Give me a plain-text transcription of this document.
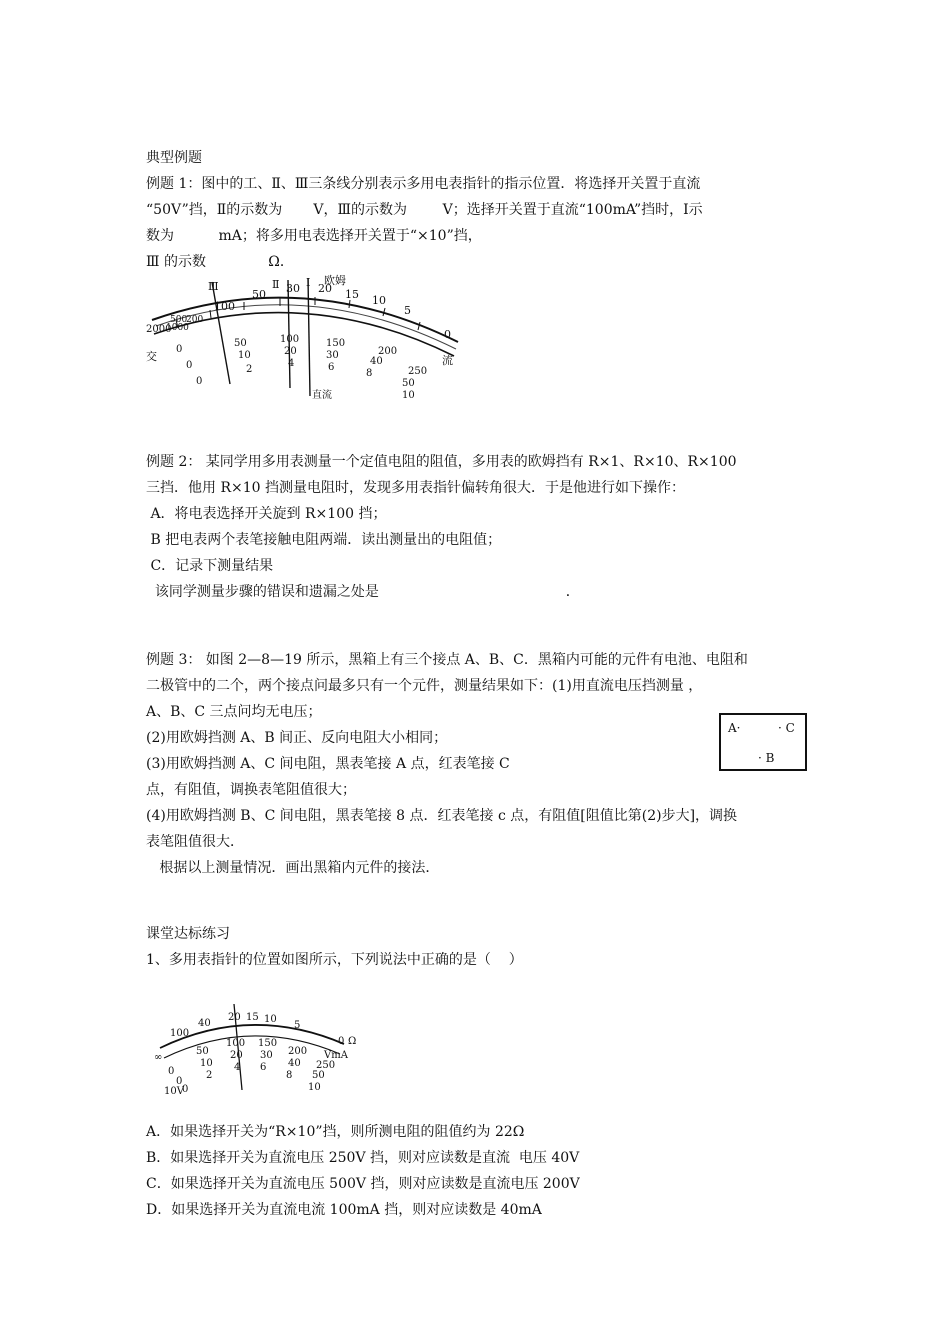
典型例题
例题 1：图中的工、Ⅱ、Ⅲ三条线分别表示多用电表指针的指示位置．将选择开关置于直流
“50V”挡，Ⅱ的示数为       V，Ⅲ的示数为        V；选择开关置于直流“100mA”挡时，Ⅰ示
数为          mA；将多用电表选择开关置于“×10”挡，
Ⅲ 的示数              Ω．
Ⅲ	Ⅱ Ⅰ
100
50 30 20 15 10
5
0
欧姆
2000
1000
500
200
交	流
0
50	100	150
200
250
0
10	20	30
40
50
0
2
4	6
8
10
直流
例题 2： 某同学用多用表测量一个定值电阻的阻值，多用表的欧姆挡有 R×1、R×10、R×100
三挡．他用 R×10 挡测量电阻时，发现多用表指针偏转角很大．于是他进行如下操作：
A．将电表选择开关旋到 R×100 挡；
B 把电表两个表笔接触电阻两端．读出测量出的电阻值；
C．记录下测量结果
该同学测量步骤的错误和遗漏之处是                                          ．
例题 3： 如图 2—8—19 所示，黑箱上有三个接点 A、B、C．黑箱内可能的元件有电池、电阻和
二极管中的二个，两个接点问最多只有一个元件，测量结果如下：(1)用直流电压挡测量 ，
A、B、C 三点问均无电压；
(2)用欧姆挡测 A、B 间正、反向电阻大小相同；
(3)用欧姆挡测 A、C 间电阻，黑表笔接 A 点，红表笔接 C
点，有阻值，调换表笔阻值很大；
(4)用欧姆挡测 B、C 间电阻，黑表笔接 8 点．红表笔接 c 点，有阻值[阻值比第(2)步大]，调换
表笔阻值很大．
根据以上测量情况．画出黑箱内元件的接法．
A·	· C
· B
课堂达标练习
1、多用表指针的位置如图所示，下列说法中正确的是（    ）
∞
100
40
20 15 10
5
0 Ω
0
50
100 150
200
250
0
10
20 30
40
50
0
2
4 6
8
10
VmA
10V
A．如果选择开关为“R×10”挡，则所测电阻的阻值约为 22Ω
B．如果选择开关为直流电压 250V 挡，则对应读数是直流  电压 40V
C．如果选择开关为直流电压 500V 挡，则对应读数是直流电压 200V
D．如果选择开关为直流电流 100mA 挡，则对应读数是 40mA
